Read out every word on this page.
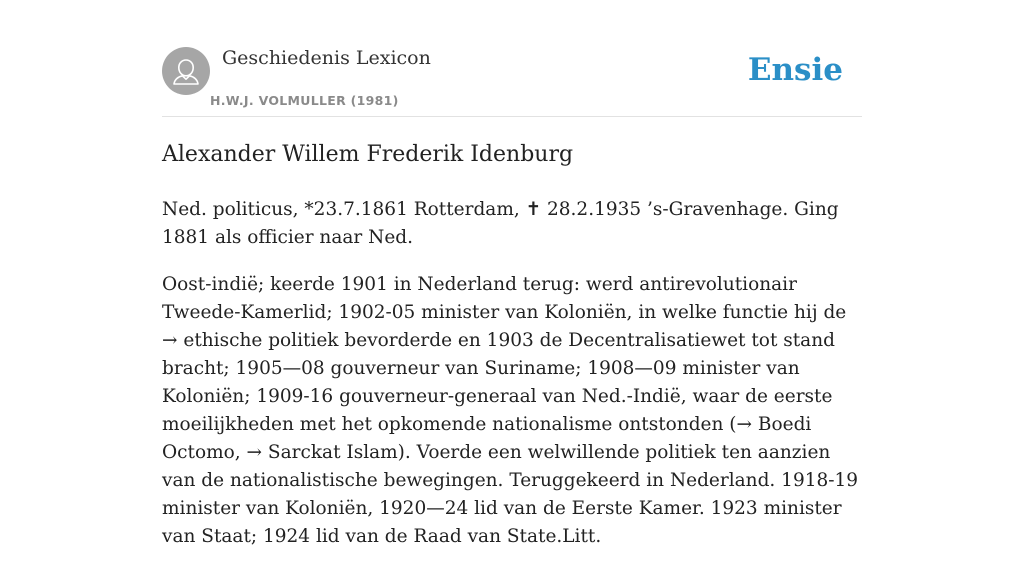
Geschiedenis Lexicon
H.W.J. VOLMULLER (1981)
Ensie
Alexander Willem Frederik Idenburg

Ned. politicus, *23.7.1861 Rotterdam, ✝ 28.2.1935 ’s-Gravenhage. Ging 1881 als officier naar Ned.

Oost-indië; keerde 1901 in Nederland terug: werd antirevolutionair Tweede-Kamerlid; 1902-05 minister van Koloniën, in welke functie hij de → ethische politiek bevorderde en 1903 de Decentralisatiewet tot stand bracht; 1905—08 gouverneur van Suriname; 1908—09 minister van Koloniën; 1909-16 gouverneur-generaal van Ned.-Indië, waar de eerste moeilijkheden met het opkomende nationalisme ontstonden (→ Boedi Octomo, → Sarckat Islam). Voerde een welwillende politiek ten aanzien van de nationalistische bewegingen. Teruggekeerd in Nederland. 1918-19 minister van Koloniën, 1920—24 lid van de Eerste Kamer. 1923 minister van Staat; 1924 lid van de Raad van State.Litt.
